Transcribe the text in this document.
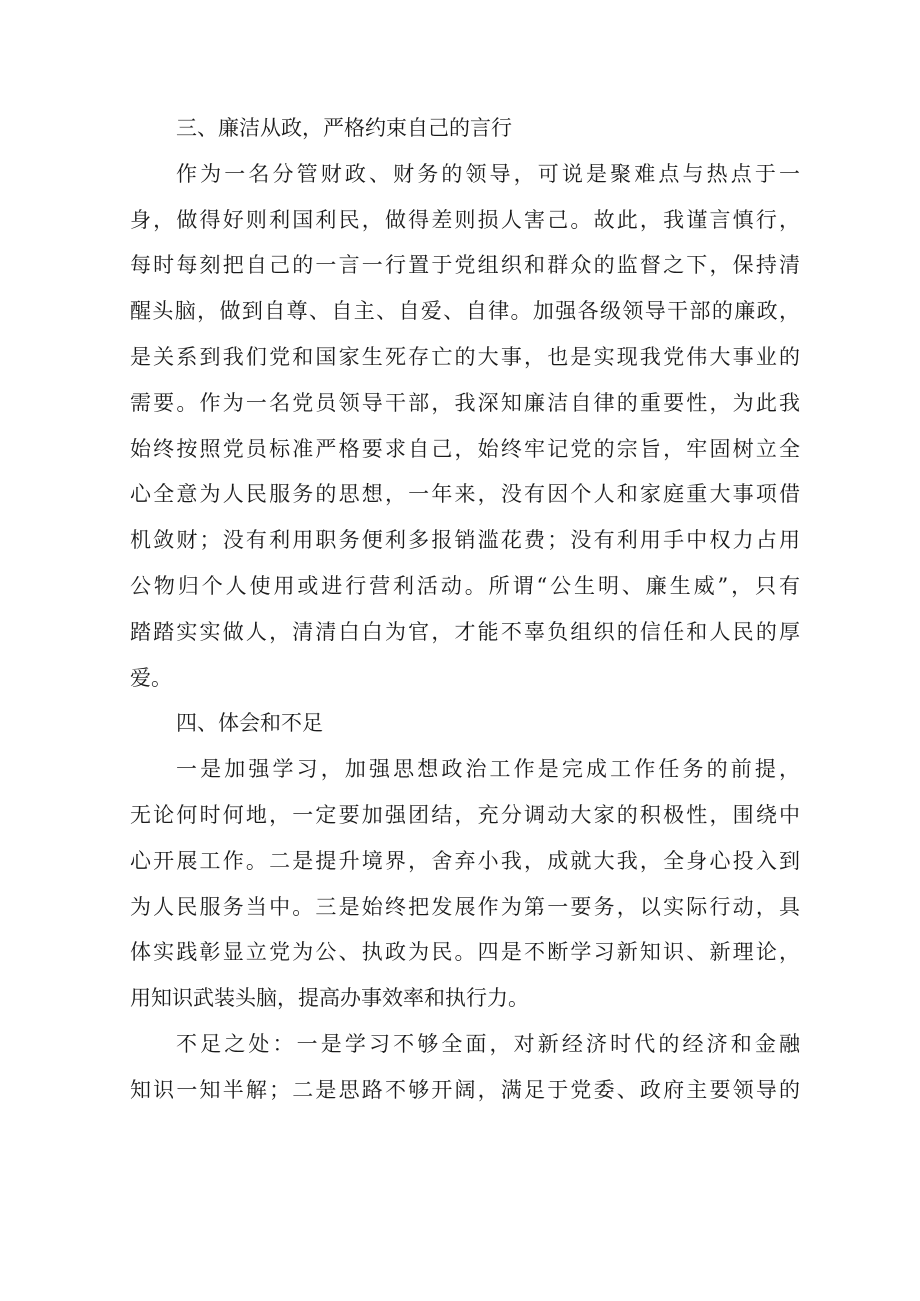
三、廉洁从政，严格约束自己的言行
作为一名分管财政、财务的领导，可说是聚难点与热点于一
身，做得好则利国利民，做得差则损人害己。故此，我谨言慎行，
每时每刻把自己的一言一行置于党组织和群众的监督之下，保持清
醒头脑，做到自尊、自主、自爱、自律。加强各级领导干部的廉政，
是关系到我们党和国家生死存亡的大事，也是实现我党伟大事业的
需要。作为一名党员领导干部，我深知廉洁自律的重要性，为此我
始终按照党员标准严格要求自己，始终牢记党的宗旨，牢固树立全
心全意为人民服务的思想，一年来，没有因个人和家庭重大事项借
机敛财；没有利用职务便利多报销滥花费；没有利用手中权力占用
公物归个人使用或进行营利活动。所谓“公生明、廉生威”，只有
踏踏实实做人，清清白白为官，才能不辜负组织的信任和人民的厚
爱。
四、体会和不足
一是加强学习，加强思想政治工作是完成工作任务的前提，
无论何时何地，一定要加强团结，充分调动大家的积极性，围绕中
心开展工作。二是提升境界，舍弃小我，成就大我，全身心投入到
为人民服务当中。三是始终把发展作为第一要务，以实际行动，具
体实践彰显立党为公、执政为民。四是不断学习新知识、新理论，
用知识武装头脑，提高办事效率和执行力。
不足之处：一是学习不够全面，对新经济时代的经济和金融
知识一知半解；二是思路不够开阔，满足于党委、政府主要领导的
